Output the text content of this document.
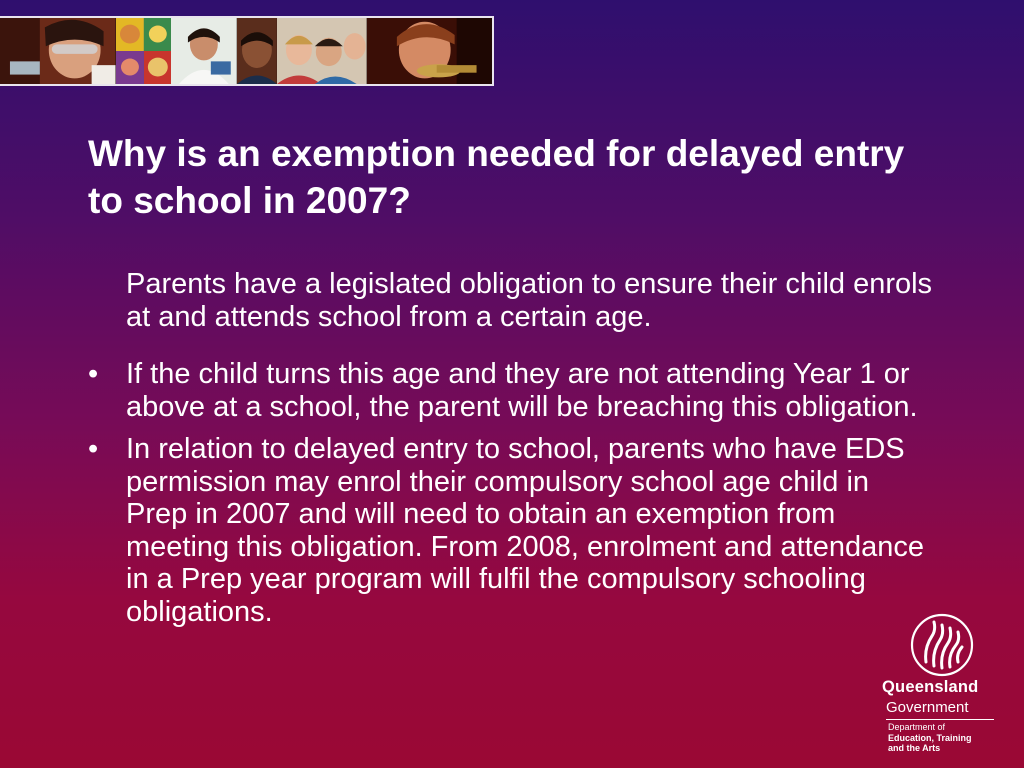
Why is an exemption needed for delayed entry to school in 2007?

Parents have a legislated obligation to ensure their child enrols at and attends school from a certain age.

• If the child turns this age and they are not attending Year 1 or above at a school, the parent will be breaching this obligation.
• In relation to delayed entry to school, parents who have EDS permission may enrol their compulsory school age child in Prep in 2007 and will need to obtain an exemption from meeting this obligation. From 2008, enrolment and attendance in a Prep year program will fulfil the compulsory schooling obligations.
Queensland
Government
Department of
Education, Training
and the Arts
